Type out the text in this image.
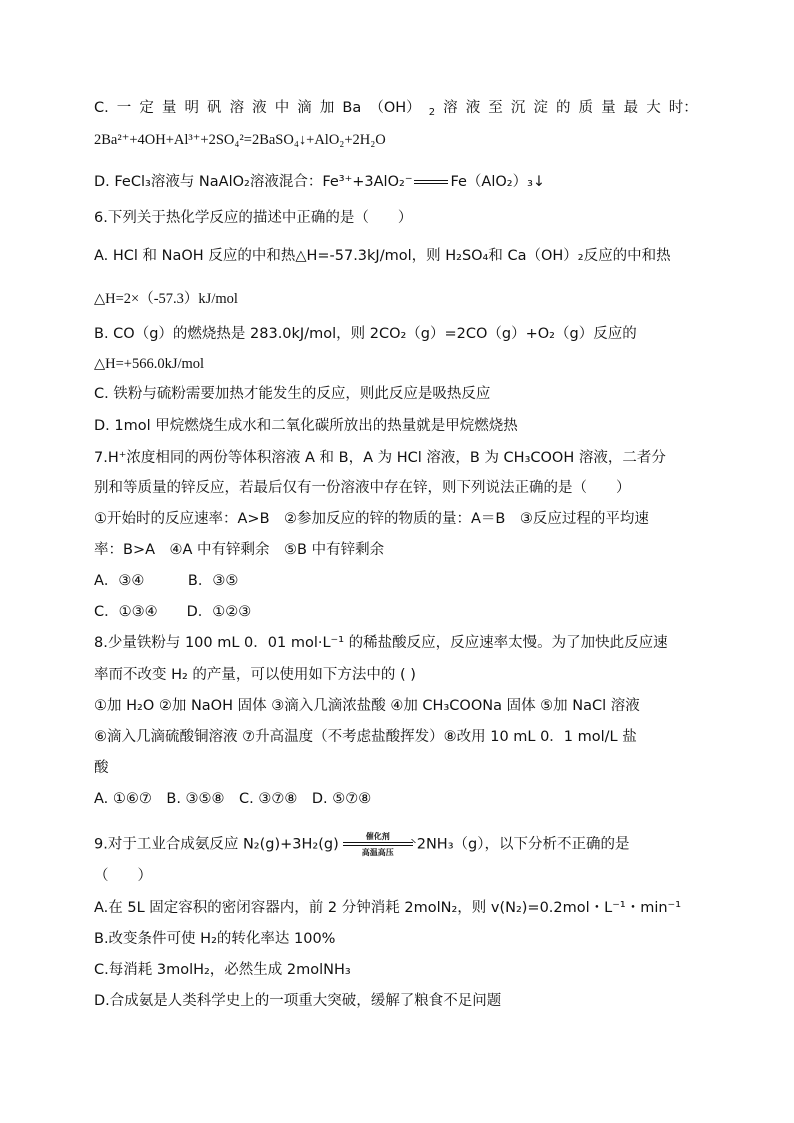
C. 一 定 量 明 矾 溶 液 中 滴 加 Ba （OH） 2 溶 液 至 沉 淀 的 质 量 最 大 时：
2Ba²⁺+4OH+Al³⁺+2SO₄²=2BaSO₄↓+AlO₂+2H₂O
D. FeCl₃溶液与 NaAlO₂溶液混合：Fe³⁺+3AlO₂⁻	Fe（AlO₂）₃↓
6.下列关于热化学反应的描述中正确的是（　　）
A. HCl 和 NaOH 反应的中和热△H=-57.3kJ/mol，则 H₂SO₄和 Ca（OH）₂反应的中和热
△H=2×（-57.3）kJ/mol
B. CO（g）的燃烧热是 283.0kJ/mol，则 2CO₂（g）=2CO（g）+O₂（g）反应的
△H=+566.0kJ/mol
C. 铁粉与硫粉需要加热才能发生的反应，则此反应是吸热反应
D. 1mol 甲烷燃烧生成水和二氧化碳所放出的热量就是甲烷燃烧热
7.H⁺浓度相同的两份等体积溶液 A 和 B，A 为 HCl 溶液，B 为 CH₃COOH 溶液，二者分
别和等质量的锌反应，若最后仅有一份溶液中存在锌，则下列说法正确的是（　　）
①开始时的反应速率：A>B　②参加反应的锌的物质的量：A＝B　③反应过程的平均速
率：B>A　④A 中有锌剩余　⑤B 中有锌剩余
A．③④　　　B．③⑤
C．①③④　　D．①②③
8.少量铁粉与 100 mL 0．01 mol·L⁻¹ 的稀盐酸反应，反应速率太慢。为了加快此反应速
率而不改变 H₂ 的产量，可以使用如下方法中的 ( )
①加 H₂O ②加 NaOH 固体 ③滴入几滴浓盐酸 ④加 CH₃COONa 固体 ⑤加 NaCl 溶液
⑥滴入几滴硫酸铜溶液 ⑦升高温度（不考虑盐酸挥发）⑧改用 10 mL 0．1 mol/L 盐
酸
A. ①⑥⑦　B. ③⑤⑧　C. ③⑦⑧　D. ⑤⑦⑧
9.对于工业合成氨反应 N₂(g)+3H₂(g)	催化剂
高温高压 2NH₃（g），以下分析不正确的是
（　　）
A.在 5L 固定容积的密闭容器内，前 2 分钟消耗 2molN₂，则 v(N₂)=0.2mol・L⁻¹・min⁻¹
B.改变条件可使 H₂的转化率达 100%
C.每消耗 3molH₂，必然生成 2molNH₃
D.合成氨是人类科学史上的一项重大突破，缓解了粮食不足问题
